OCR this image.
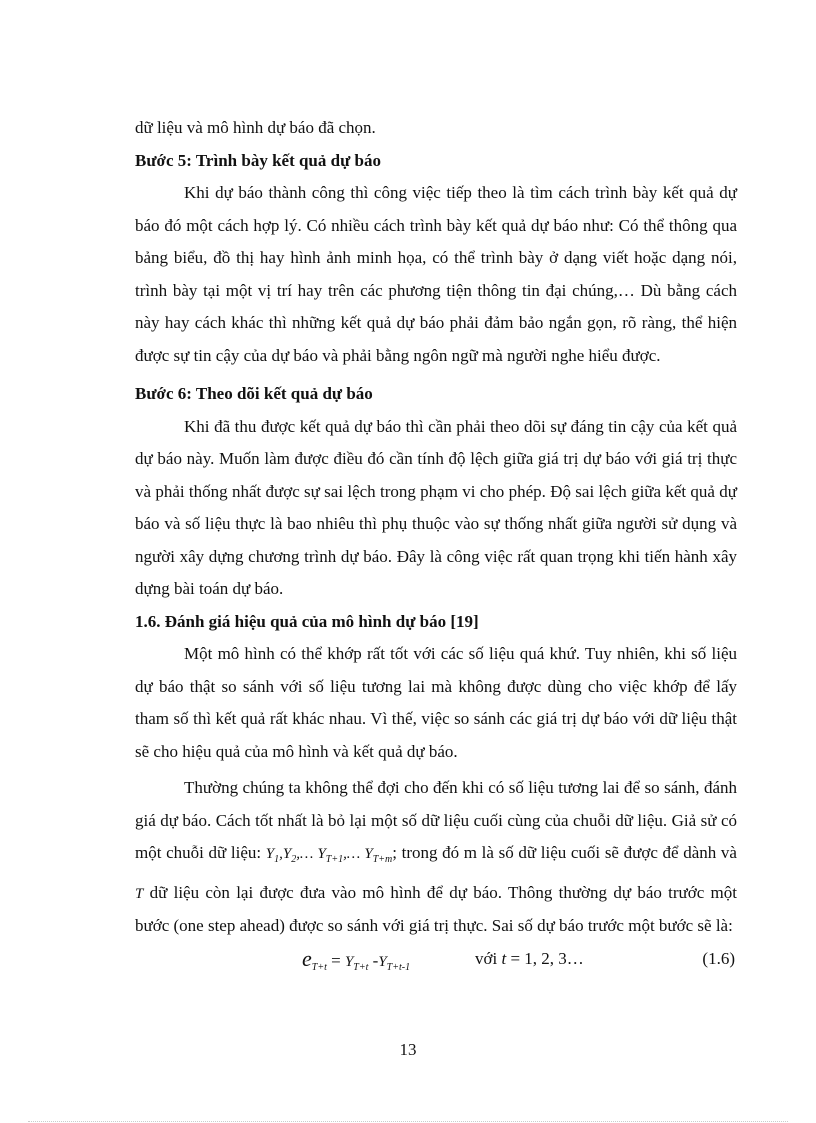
dữ liệu và mô hình dự báo đã chọn.

Bước 5: Trình bày kết quả dự báo

Khi dự báo thành công thì công việc tiếp theo là tìm cách trình bày kết quả dự báo đó một cách hợp lý. Có nhiều cách trình bày kết quả dự báo như: Có thể thông qua bảng biểu, đồ thị hay hình ảnh minh họa, có thể trình bày ở dạng viết hoặc dạng nói, trình bày tại một vị trí hay trên các phương tiện thông tin đại chúng,… Dù bằng cách này hay cách khác thì những kết quả dự báo phải đảm bảo ngắn gọn, rõ ràng, thể hiện được sự tin cậy của dự báo và phải bằng ngôn ngữ mà người nghe hiểu được.

Bước 6: Theo dõi kết quả dự báo

Khi đã thu được kết quả dự báo thì cần phải theo dõi sự đáng tin cậy của kết quả dự báo này. Muốn làm được điều đó cần tính độ lệch giữa giá trị dự báo với giá trị thực và phải thống nhất được sự sai lệch trong phạm vi cho phép. Độ sai lệch giữa kết quả dự báo và số liệu thực là bao nhiêu thì phụ thuộc vào sự thống nhất giữa người sử dụng và người xây dựng chương trình dự báo. Đây là công việc rất quan trọng khi tiến hành xây dựng bài toán dự báo.

1.6. Đánh giá hiệu quả của mô hình dự báo [19]

Một mô hình có thể khớp rất tốt với các số liệu quá khứ. Tuy nhiên, khi số liệu dự báo thật so sánh với số liệu tương lai mà không được dùng cho việc khớp để lấy tham số thì kết quả rất khác nhau. Vì thế, việc so sánh các giá trị dự báo với dữ liệu thật sẽ cho hiệu quả của mô hình và kết quả dự báo.

Thường chúng ta không thể đợi cho đến khi có số liệu tương lai để so sánh, đánh giá dự báo. Cách tốt nhất là bỏ lại một số dữ liệu cuối cùng của chuỗi dữ liệu. Giả sử có một chuỗi dữ liệu: $Y_1,Y_2,\dots$ $Y_{T+1},\dots$ $Y_{T+m}$; trong đó m là số dữ liệu cuối sẽ được để dành và T dữ liệu còn lại được đưa vào mô hình để dự báo. Thông thường dự báo trước một bước (one step ahead) được so sánh với giá trị thực. Sai số dự báo trước một bước sẽ là:

$e_{T+t} = Y_{T+t}$ $-Y_{T+t-1}$	với t = 1, 2, 3…	(1.6)
13
